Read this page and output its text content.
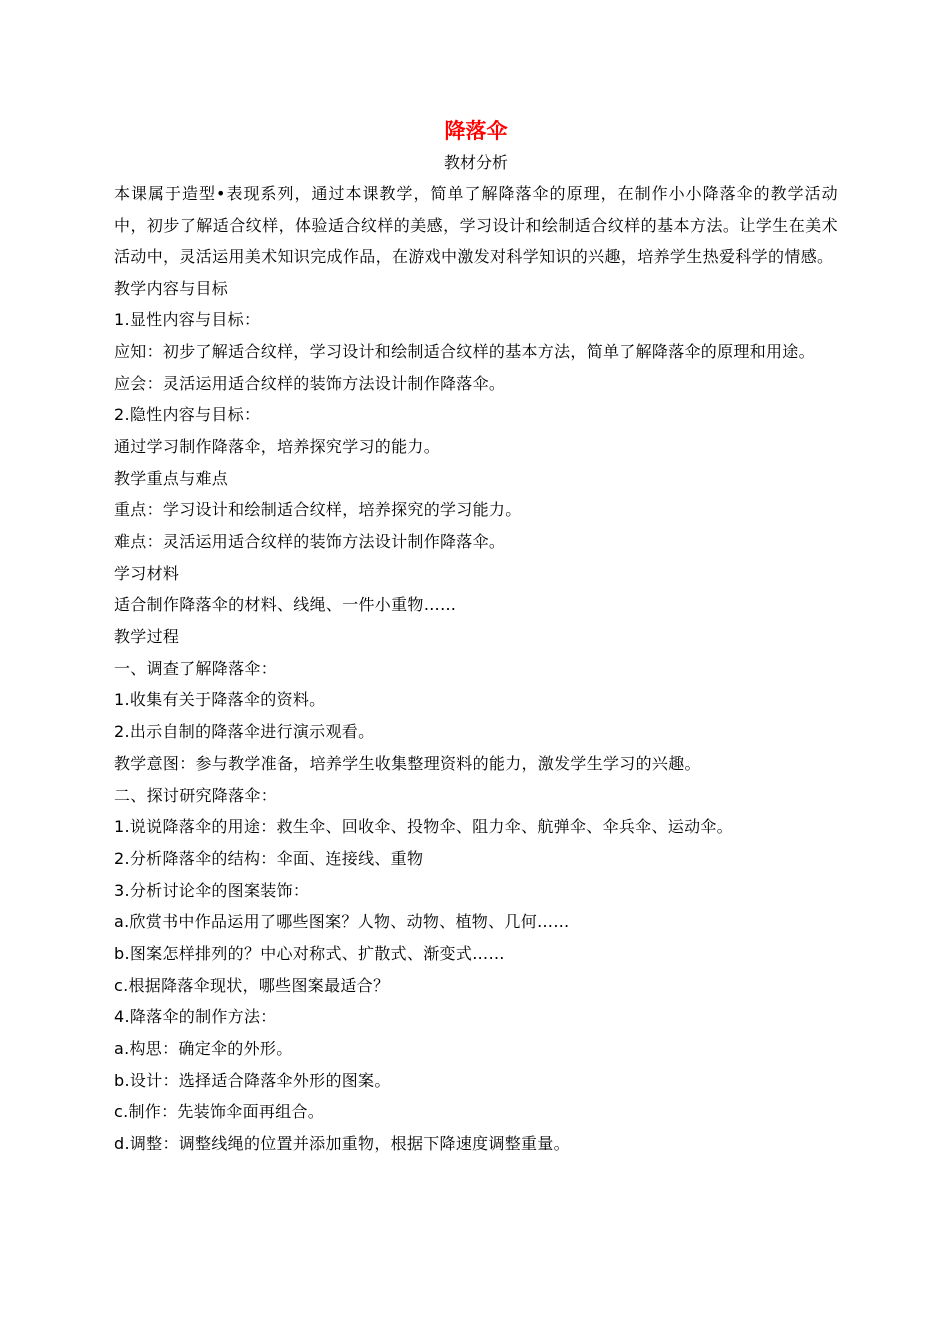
降落伞
教材分析

本课属于造型•表现系列，通过本课教学，简单了解降落伞的原理，在制作小小降落伞的教学活动中，初步了解适合纹样，体验适合纹样的美感，学习设计和绘制适合纹样的基本方法。让学生在美术活动中，灵活运用美术知识完成作品，在游戏中激发对科学知识的兴趣，培养学生热爱科学的情感。

教学内容与目标
1.显性内容与目标：
应知：初步了解适合纹样，学习设计和绘制适合纹样的基本方法，简单了解降落伞的原理和用途。
应会：灵活运用适合纹样的装饰方法设计制作降落伞。
2.隐性内容与目标：
通过学习制作降落伞，培养探究学习的能力。
教学重点与难点
重点：学习设计和绘制适合纹样，培养探究的学习能力。
难点：灵活运用适合纹样的装饰方法设计制作降落伞。
学习材料
适合制作降落伞的材料、线绳、一件小重物……
教学过程
一、调查了解降落伞：
1.收集有关于降落伞的资料。
2.出示自制的降落伞进行演示观看。
教学意图：参与教学准备，培养学生收集整理资料的能力，激发学生学习的兴趣。
二、探讨研究降落伞：
1.说说降落伞的用途：救生伞、回收伞、投物伞、阻力伞、航弹伞、伞兵伞、运动伞。
2.分析降落伞的结构：伞面、连接线、重物
3.分析讨论伞的图案装饰：
a.欣赏书中作品运用了哪些图案？人物、动物、植物、几何……
b.图案怎样排列的？中心对称式、扩散式、渐变式……
c.根据降落伞现状，哪些图案最适合？
4.降落伞的制作方法：
a.构思：确定伞的外形。
b.设计：选择适合降落伞外形的图案。
c.制作：先装饰伞面再组合。
d.调整：调整线绳的位置并添加重物，根据下降速度调整重量。
